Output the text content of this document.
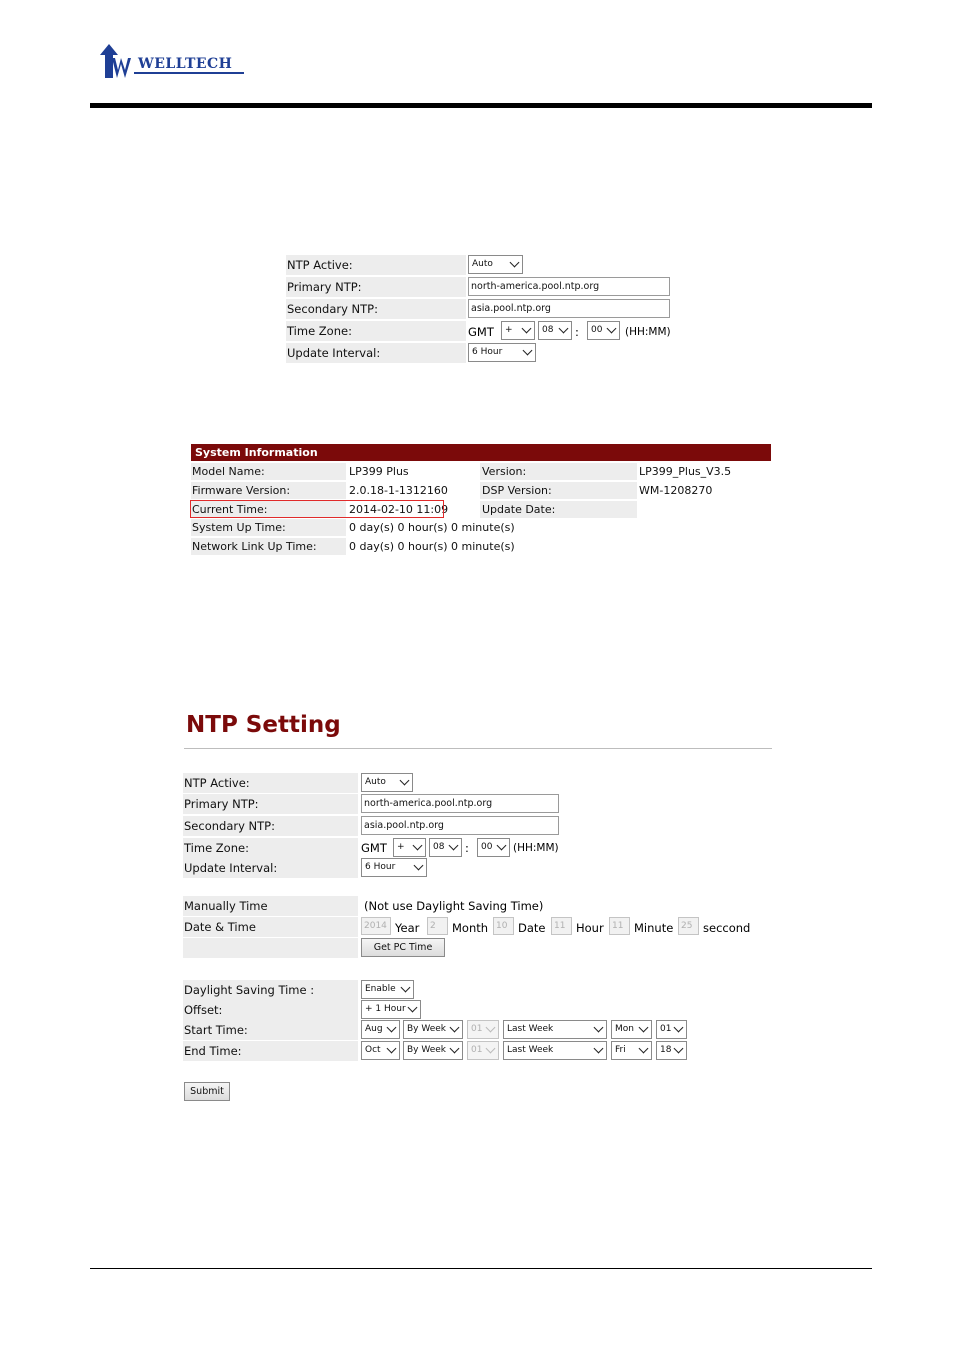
WELLTECH
NTP Active:	Auto
Primary NTP:	north-america.pool.ntp.org
Secondary NTP:	asia.pool.ntp.org
Time Zone:	GMT	+	08	:	00	(HH:MM)
Update Interval:	6 Hour
System Information
Model Name:	LP399 Plus	Version:	LP399_Plus_V3.5
Firmware Version:	2.0.18-1-1312160	DSP Version:	WM-1208270
Current Time:	2014-02-10 11:09	Update Date:
System Up Time:	0 day(s) 0 hour(s) 0 minute(s)
Network Link Up Time:	0 day(s) 0 hour(s) 0 minute(s)
NTP Setting
NTP Active:	Auto
Primary NTP:	north-america.pool.ntp.org
Secondary NTP:	asia.pool.ntp.org
Time Zone:	GMT	+	08	:	00	(HH:MM)
Update Interval:	6 Hour
Manually Time	(Not use Daylight Saving Time)
Date & Time	2014 Year	2	Month 10 Date 11 Hour 11 Minute 25 seccond
Get PC Time
Daylight Saving Time :	Enable
Offset:	+ 1 Hour
Start Time:	Aug	By Week	01	Last Week	Mon	01
End Time:	Oct	By Week	01	Last Week	Fri	18
Submit
